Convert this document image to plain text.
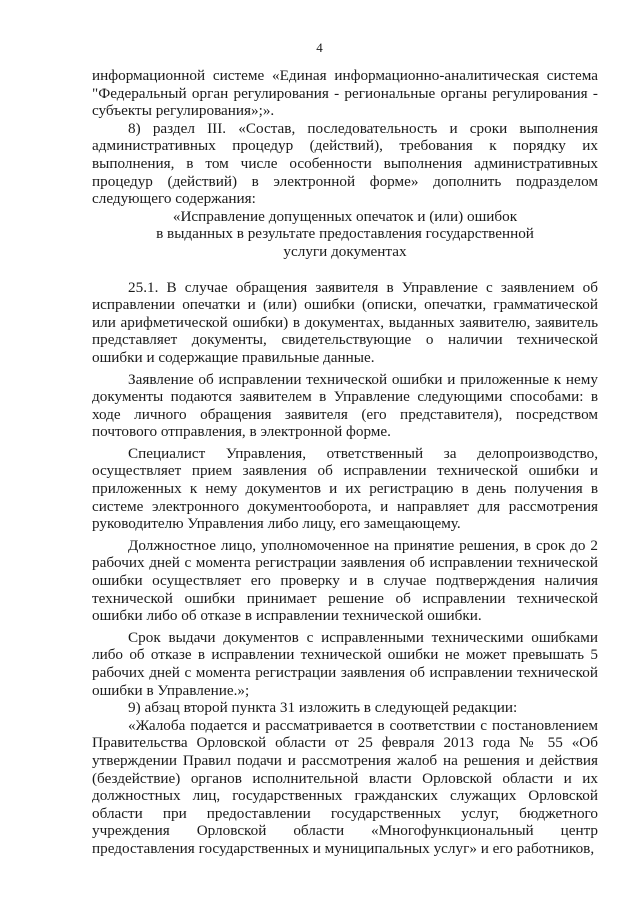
4

информационной системе «Единая информационно-аналитическая система "Федеральный орган регулирования - региональные органы регулирования - субъекты регулирования»;».

8) раздел III. «Состав, последовательность и сроки выполнения административных процедур (действий), требования к порядку их выполнения, в том числе особенности выполнения административных процедур (действий) в электронной форме» дополнить подразделом следующего содержания:

«Исправление допущенных опечаток и (или) ошибок
в выданных в результате предоставления государственной
услуги документах

25.1. В случае обращения заявителя в Управление с заявлением об исправлении опечатки и (или) ошибки (описки, опечатки, грамматической или арифметической ошибки) в документах, выданных заявителю, заявитель представляет документы, свидетельствующие о наличии технической ошибки и содержащие правильные данные.

Заявление об исправлении технической ошибки и приложенные к нему документы подаются заявителем в Управление следующими способами: в ходе личного обращения заявителя (его представителя), посредством почтового отправления, в электронной форме.

Специалист Управления, ответственный за делопроизводство, осуществляет прием заявления об исправлении технической ошибки и приложенных к нему документов и их регистрацию в день получения в системе электронного документооборота, и направляет для рассмотрения руководителю Управления либо лицу, его замещающему.

Должностное лицо, уполномоченное на принятие решения, в срок до 2 рабочих дней с момента регистрации заявления об исправлении технической ошибки осуществляет его проверку и в случае подтверждения наличия технической ошибки принимает решение об исправлении технической ошибки либо об отказе в исправлении технической ошибки.

Срок выдачи документов с исправленными техническими ошибками либо об отказе в исправлении технической ошибки не может превышать 5 рабочих дней с момента регистрации заявления об исправлении технической ошибки в Управление.»;

9) абзац второй пункта 31 изложить в следующей редакции:

«Жалоба подается и рассматривается в соответствии с постановлением Правительства Орловской области от 25 февраля 2013 года № 55 «Об утверждении Правил подачи и рассмотрения жалоб на решения и действия (бездействие) органов исполнительной власти Орловской области и их должностных лиц, государственных гражданских служащих Орловской области при предоставлении государственных услуг, бюджетного учреждения Орловской области «Многофункциональный центр предоставления государственных и муниципальных услуг» и его работников,
